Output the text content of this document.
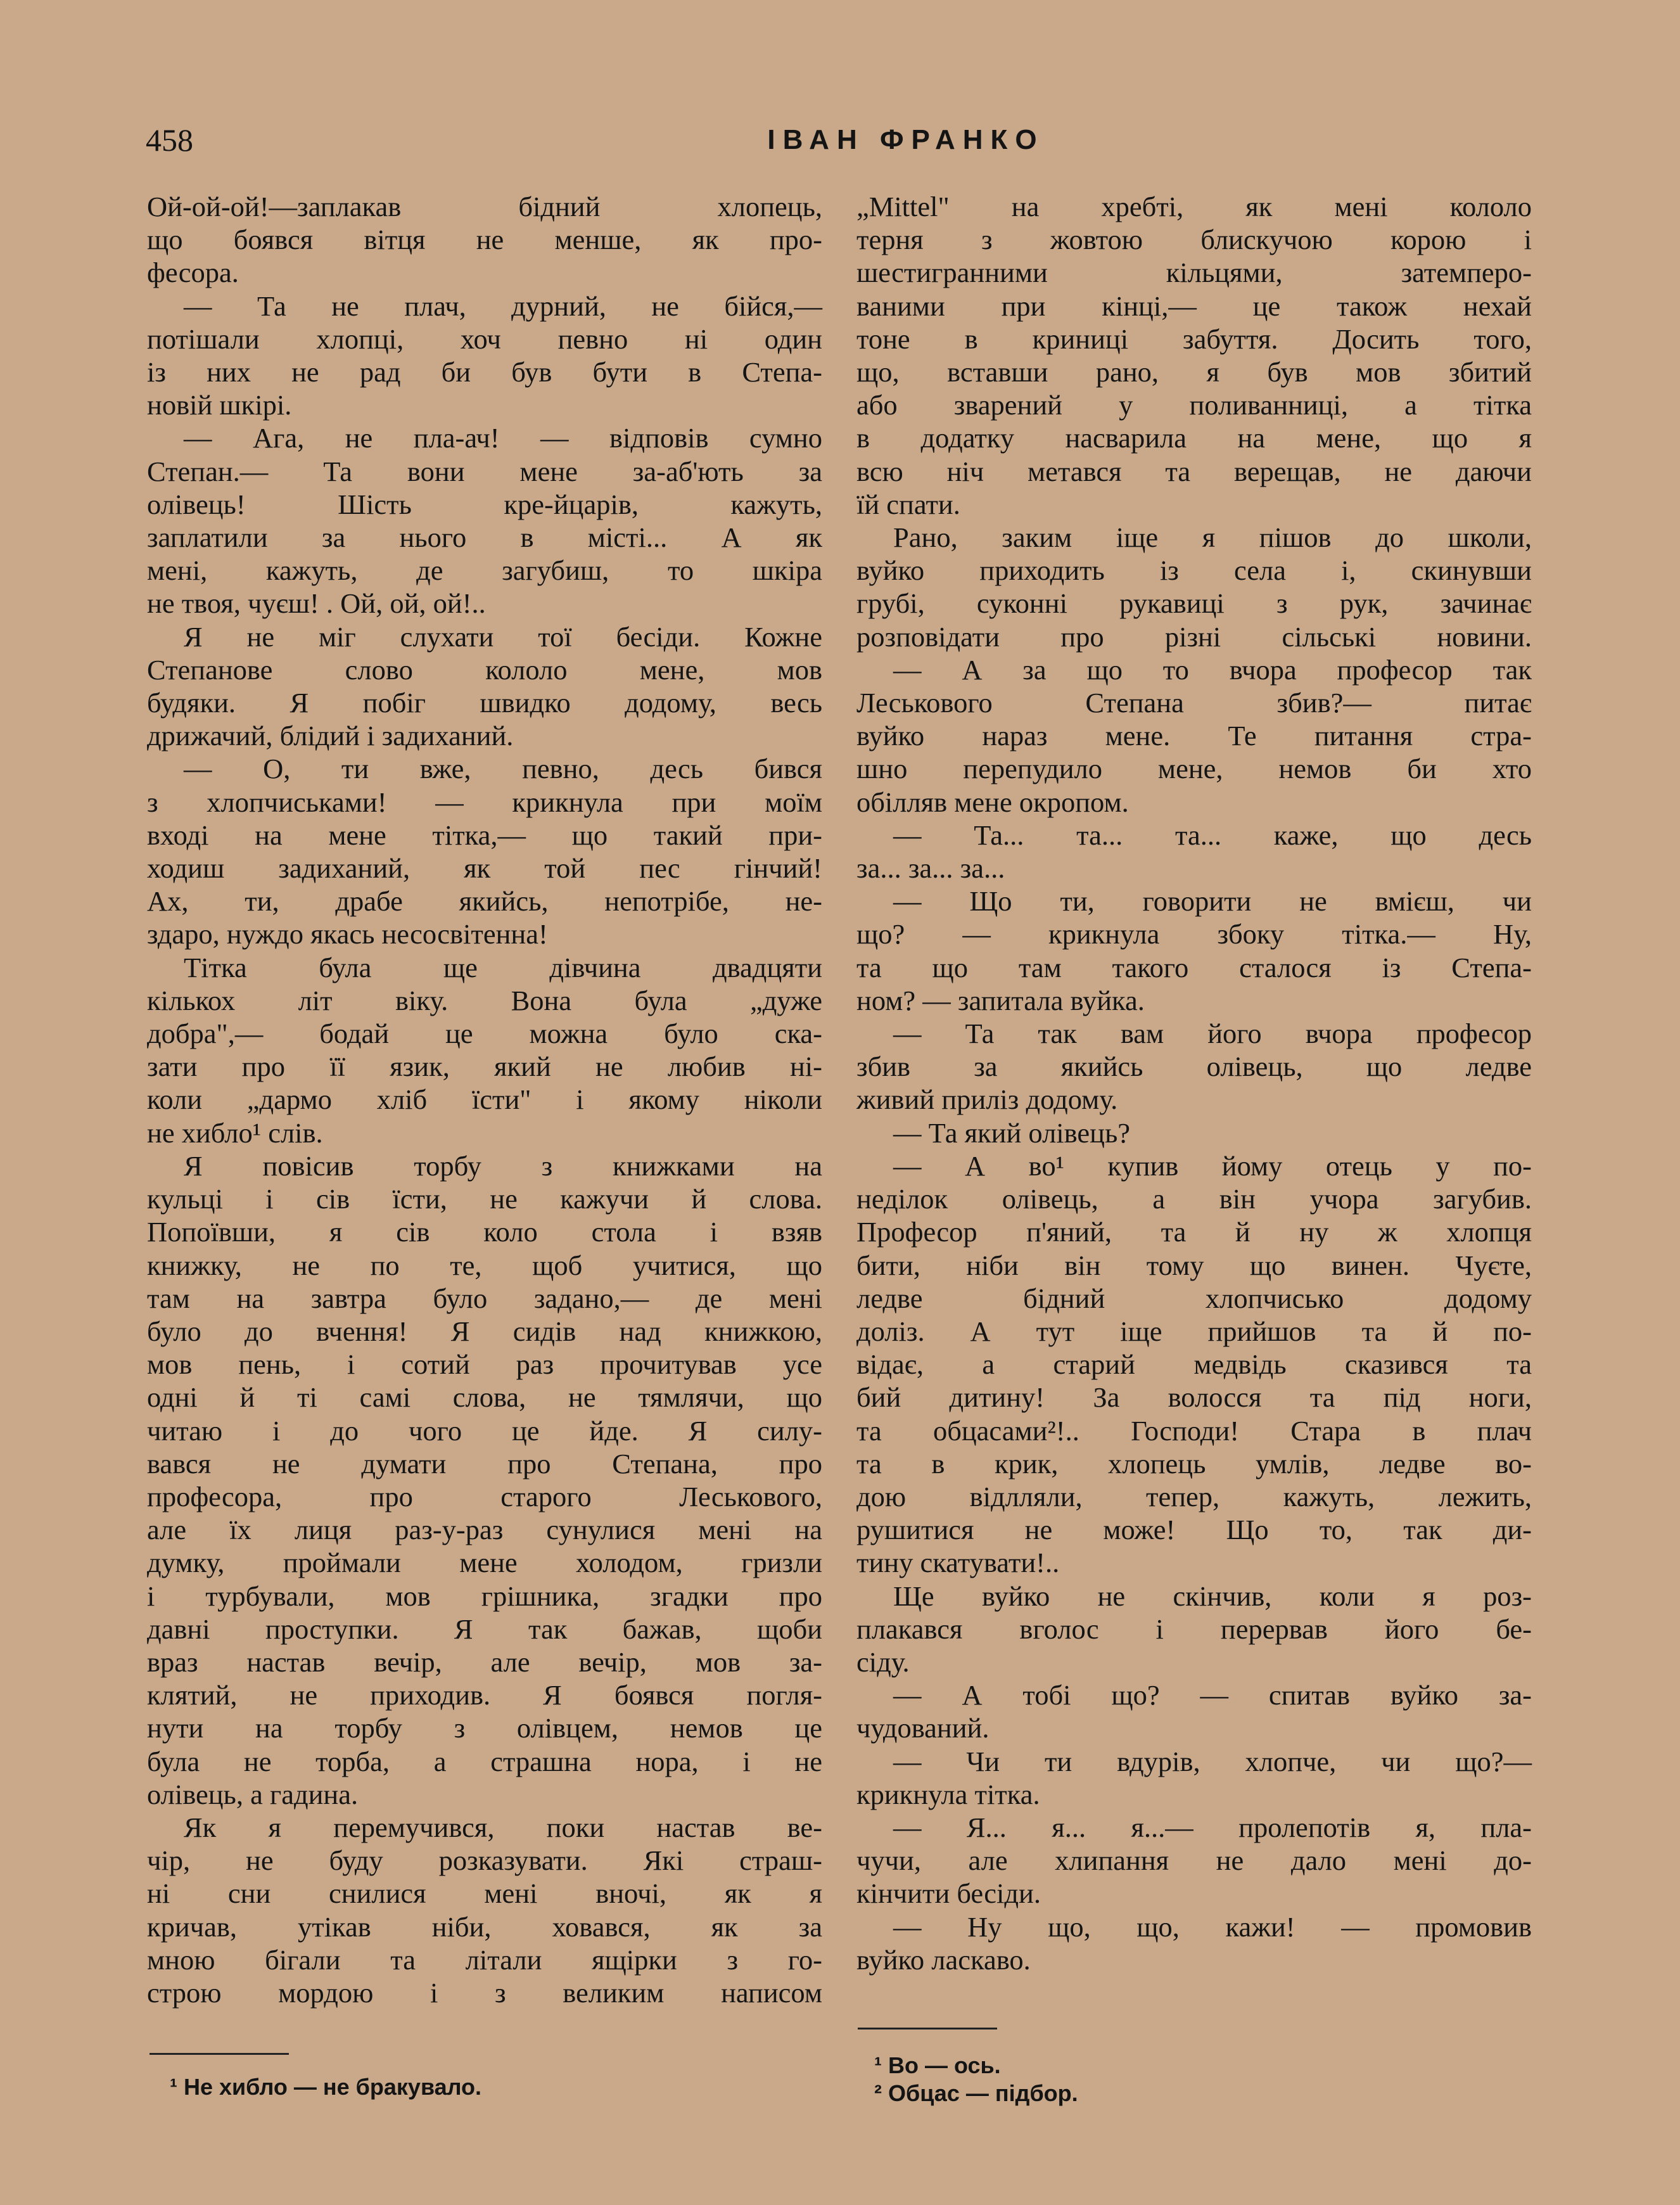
458	ІВАН ФРАНКО
Ой-ой-ой!—заплакав бідний хлопець,
що боявся вітця не менше, як про-
фесора.
— Та не плач, дурний, не бійся,—
потішали хлопці, хоч певно ні один
із них не рад би був бути в Степа-
новій шкірі.
— Ага, не пла-ач! — відповів сумно
Степан.— Та вони мене за-аб'ють за
олівець! Шість кре-йцарів, кажуть,
заплатили за нього в місті... А як
мені, кажуть, де загубиш, то шкіра
не твоя, чуєш! . Ой, ой, ой!..
Я не міг слухати тої бесіди. Кожне
Степанове слово кололо мене, мов
будяки. Я побіг швидко додому, весь
дрижачий, блідий і задиханий.
— О, ти вже, певно, десь бився
з хлопчиськами! — крикнула при моїм
вході на мене тітка,— що такий при-
ходиш задиханий, як той пес гінчий!
Ах, ти, драбе якийсь, непотрібе, не-
здаро, нуждо якась несосвітенна!
Тітка була ще дівчина двадцяти
кількох літ віку. Вона була „дуже
добра",— бодай це можна було ска-
зати про її язик, який не любив ні-
коли „дармо хліб їсти" і якому ніколи
не хибло¹ слів.
Я повісив торбу з книжками на
кульці і сів їсти, не кажучи й слова.
Попоївши, я сів коло стола і взяв
книжку, не по те, щоб учитися, що
там на завтра було задано,— де мені
було до вчення! Я сидів над книжкою,
мов пень, і сотий раз прочитував усе
одні й ті самі слова, не тямлячи, що
читаю і до чого це йде. Я силу-
вався не думати про Степана, про
професора, про старого Леськового,
але їх лиця раз-у-раз сунулися мені на
думку, проймали мене холодом, гризли
і турбували, мов грішника, згадки про
давні проступки. Я так бажав, щоби
враз настав вечір, але вечір, мов за-
клятий, не приходив. Я боявся погля-
нути на торбу з олівцем, немов це
була не торба, а страшна нора, і не
олівець, а гадина.
Як я перемучився, поки настав ве-
чір, не буду розказувати. Які страш-
ні сни снилися мені вночі, як я
кричав, утікав ніби, ховався, як за
мною бігали та літали ящірки з го-
строю мордою і з великим написом
„Mittel" на хребті, як мені кололо
терня з жовтою блискучою корою і
шестигранними кільцями, затемпеpo-
ваними при кінці,— це також нехай
тоне в криниці забуття. Досить того,
що, вставши рано, я був мов збитий
або зварений у поливанниці, а тітка
в додатку насварила на мене, що я
всю ніч метався та верещав, не даючи
їй спати.
Рано, заким іще я пішов до школи,
вуйко приходить із села і, скинувши
грубі, суконні рукавиці з рук, зачинає
розповідати про різні сільські новини.
— А за що то вчора професор так
Леськового Степана збив?— питає
вуйко нараз мене. Те питання стра-
шно перепудило мене, немов би хто
обілляв мене окропом.
— Та... та... та... каже, що десь
за... за... за...
— Що ти, говорити не вмієш, чи
що? — крикнула збоку тітка.— Ну,
та що там такого сталося із Степа-
ном? — запитала вуйка.
— Та так вам його вчора професор
збив за якийсь олівець, що ледве
живий приліз додому.
— Та який олівець?
— А во¹ купив йому отець у по-
неділок олівець, а він учора загубив.
Професор п'яний, та й ну ж хлопця
бити, ніби він тому що винен. Чуєте,
ледве бідний хлопчисько додому
доліз. А тут іще прийшов та й по-
відає, а старий медвідь сказився та
бий дитину! За волосся та під ноги,
та обцасами²!.. Господи! Стара в плач
та в крик, хлопець умлів, ледве во-
дою відлляли, тепер, кажуть, лежить,
рушитися не може! Що то, так ди-
тину скатувати!..
Ще вуйко не скінчив, коли я роз-
плакався вголос і перервав його бе-
сіду.
— А тобі що? — спитав вуйко за-
чудований.
— Чи ти вдурів, хлопче, чи що?—
крикнула тітка.
— Я... я... я...— пролепотів я, пла-
чучи, але хлипання не дало мені до-
кінчити бесіди.
— Ну що, що, кажи! — промовив
вуйко ласкаво.
¹ Не хибло — не бракувало.
¹ Во — ось.
² Обцас — підбор.
